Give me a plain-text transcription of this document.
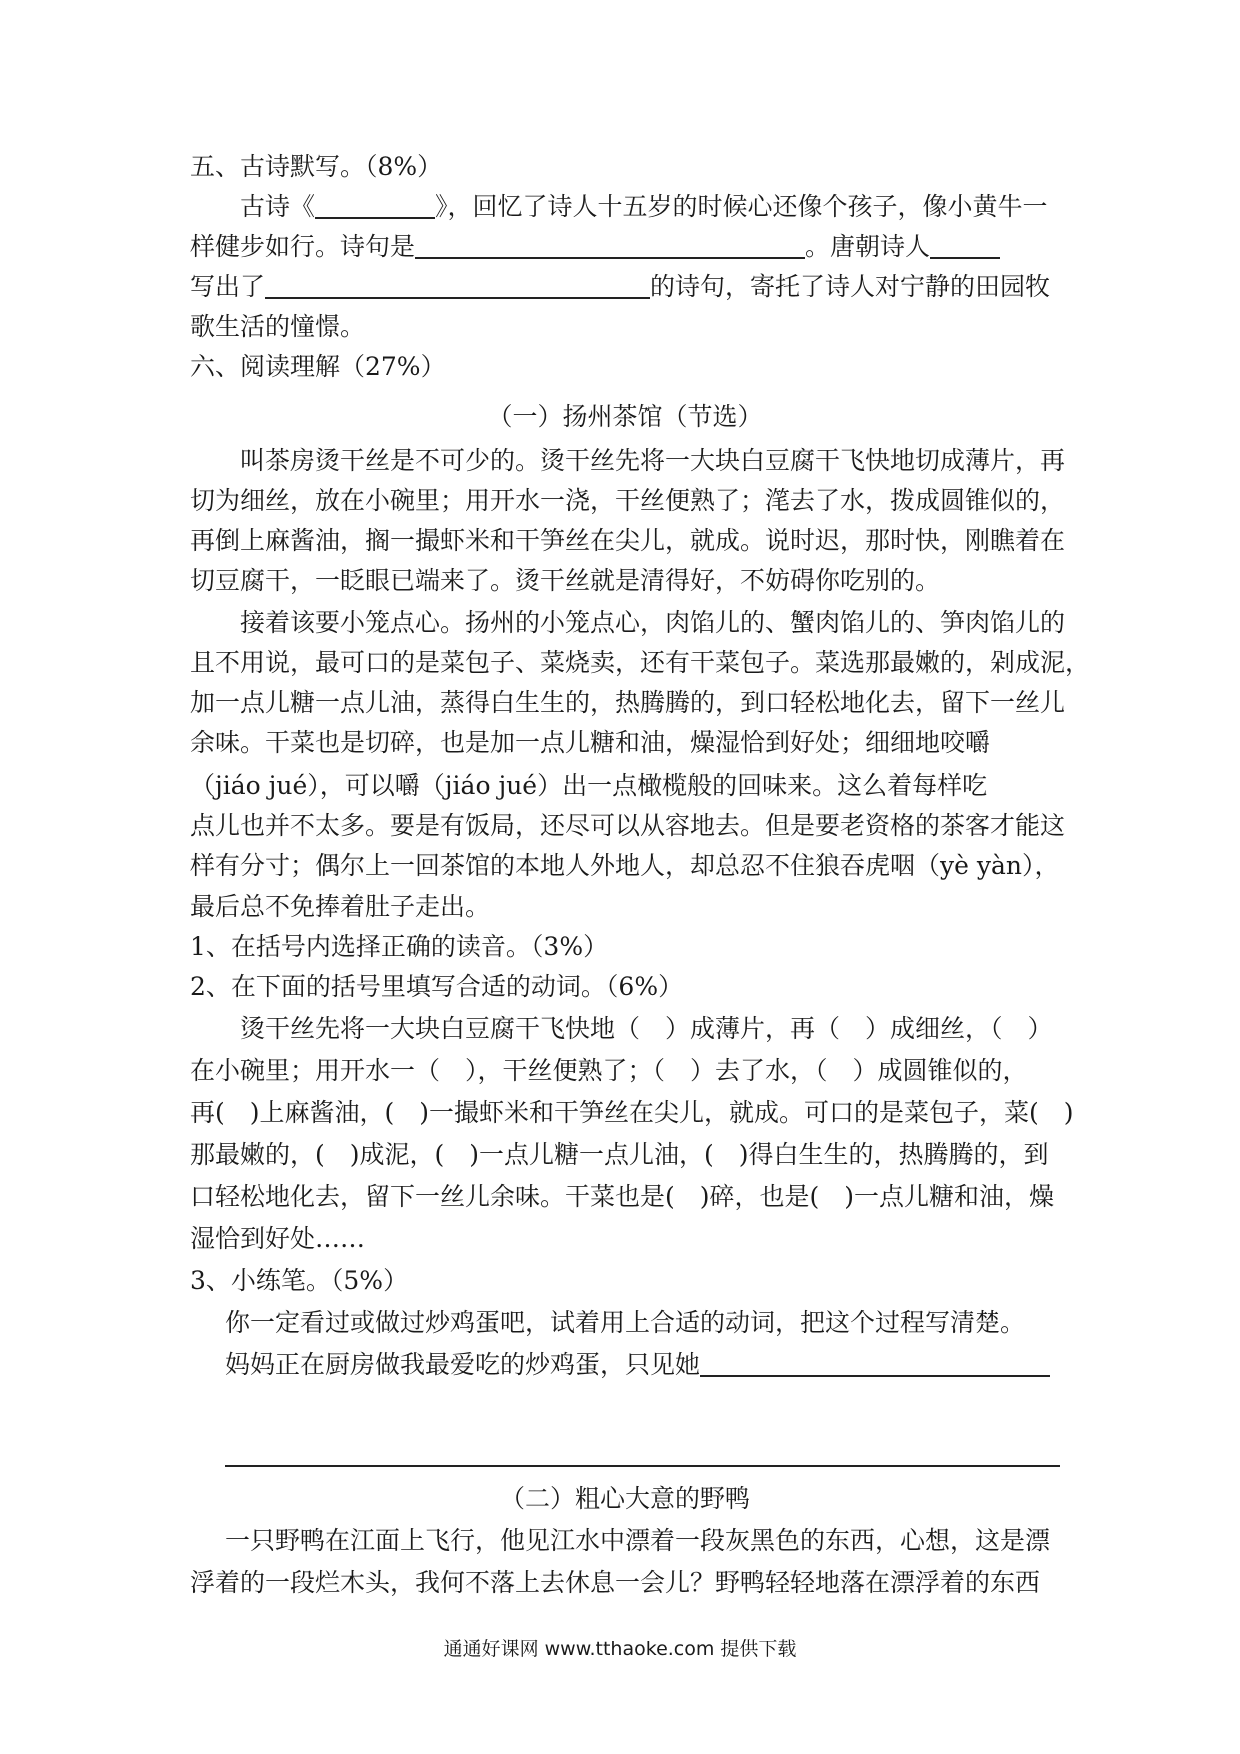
五、古诗默写。（8%）
古诗《	》，回忆了诗人十五岁的时候心还像个孩子，像小黄牛一
样健步如行。诗句是	。唐朝诗人
写出了	的诗句，寄托了诗人对宁静的田园牧
歌生活的憧憬。
六、阅读理解（27%）
（一）扬州茶馆（节选）
叫茶房烫干丝是不可少的。烫干丝先将一大块白豆腐干飞快地切成薄片，再
切为细丝，放在小碗里；用开水一浇，干丝便熟了；滗去了水，拨成圆锥似的，
再倒上麻酱油，搁一撮虾米和干笋丝在尖儿，就成。说时迟，那时快，刚瞧着在
切豆腐干，一眨眼已端来了。烫干丝就是清得好，不妨碍你吃别的。
接着该要小笼点心。扬州的小笼点心，肉馅儿的、蟹肉馅儿的、笋肉馅儿的
且不用说，最可口的是菜包子、菜烧卖，还有干菜包子。菜选那最嫩的，剁成泥，
加一点儿糖一点儿油，蒸得白生生的，热腾腾的，到口轻松地化去，留下一丝儿
余味。干菜也是切碎，也是加一点儿糖和油，燥湿恰到好处；细细地咬嚼
（jiáo jué），可以嚼（jiáo jué）出一点橄榄般的回味来。这么着每样吃
点儿也并不太多。要是有饭局，还尽可以从容地去。但是要老资格的茶客才能这
样有分寸；偶尔上一回茶馆的本地人外地人，却总忍不住狼吞虎咽（yè yàn），
最后总不免捧着肚子走出。
1、在括号内选择正确的读音。（3%）
2、在下面的括号里填写合适的动词。（6%）
烫干丝先将一大块白豆腐干飞快地（　）成薄片，再（　）成细丝，（　）
在小碗里；用开水一（　），干丝便熟了；（　）去了水，（　）成圆锥似的，
再(　)上麻酱油，(　)一撮虾米和干笋丝在尖儿，就成。可口的是菜包子，菜(　)
那最嫩的，(　)成泥，(　)一点儿糖一点儿油，(　)得白生生的，热腾腾的，到
口轻松地化去，留下一丝儿余味。干菜也是(　)碎，也是(　)一点儿糖和油，燥
湿恰到好处……
3、小练笔。（5%）
你一定看过或做过炒鸡蛋吧，试着用上合适的动词，把这个过程写清楚。
妈妈正在厨房做我最爱吃的炒鸡蛋，只见她
（二）粗心大意的野鸭
一只野鸭在江面上飞行，他见江水中漂着一段灰黑色的东西，心想，这是漂
浮着的一段烂木头，我何不落上去休息一会儿？野鸭轻轻地落在漂浮着的东西
通通好课网 www.tthaoke.com 提供下载
